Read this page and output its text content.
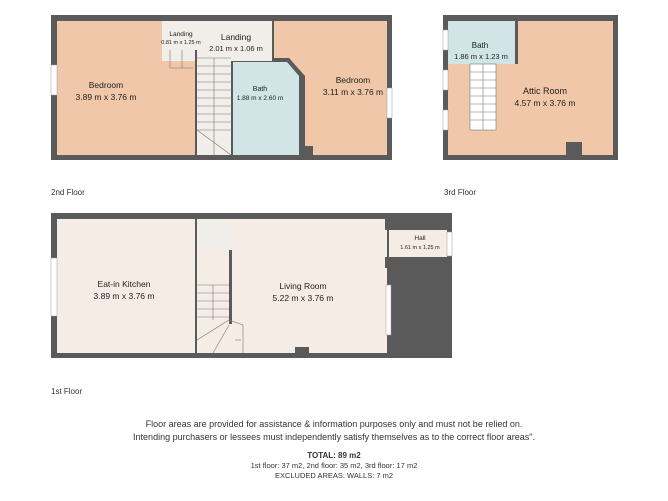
Bedroom
3.89 m x 3.76 m
Landing
0.81 m x 1.25 m
Landing
2.01 m x 1.06 m
Bath
1.88 m x 2.60 m
Bedroom
3.11 m x 3.76 m
Bath
1.86 m x 1.23 m
Attic Room
4.57 m x 3.76 m
Eat-in Kitchen
3.89 m x 3.76 m
Living Room
5.22 m x 3.76 m
Hall
1.61 m x 1.25 m
2nd Floor	3rd Floor
1st Floor
Floor areas are provided for assistance & information purposes only and must not be relied on.
Intending purchasers or lessees must independently satisfy themselves as to the correct floor areas".
TOTAL: 89 m2
1st floor: 37 m2, 2nd floor: 35 m2, 3rd floor: 17 m2
EXCLUDED AREAS: WALLS: 7 m2
